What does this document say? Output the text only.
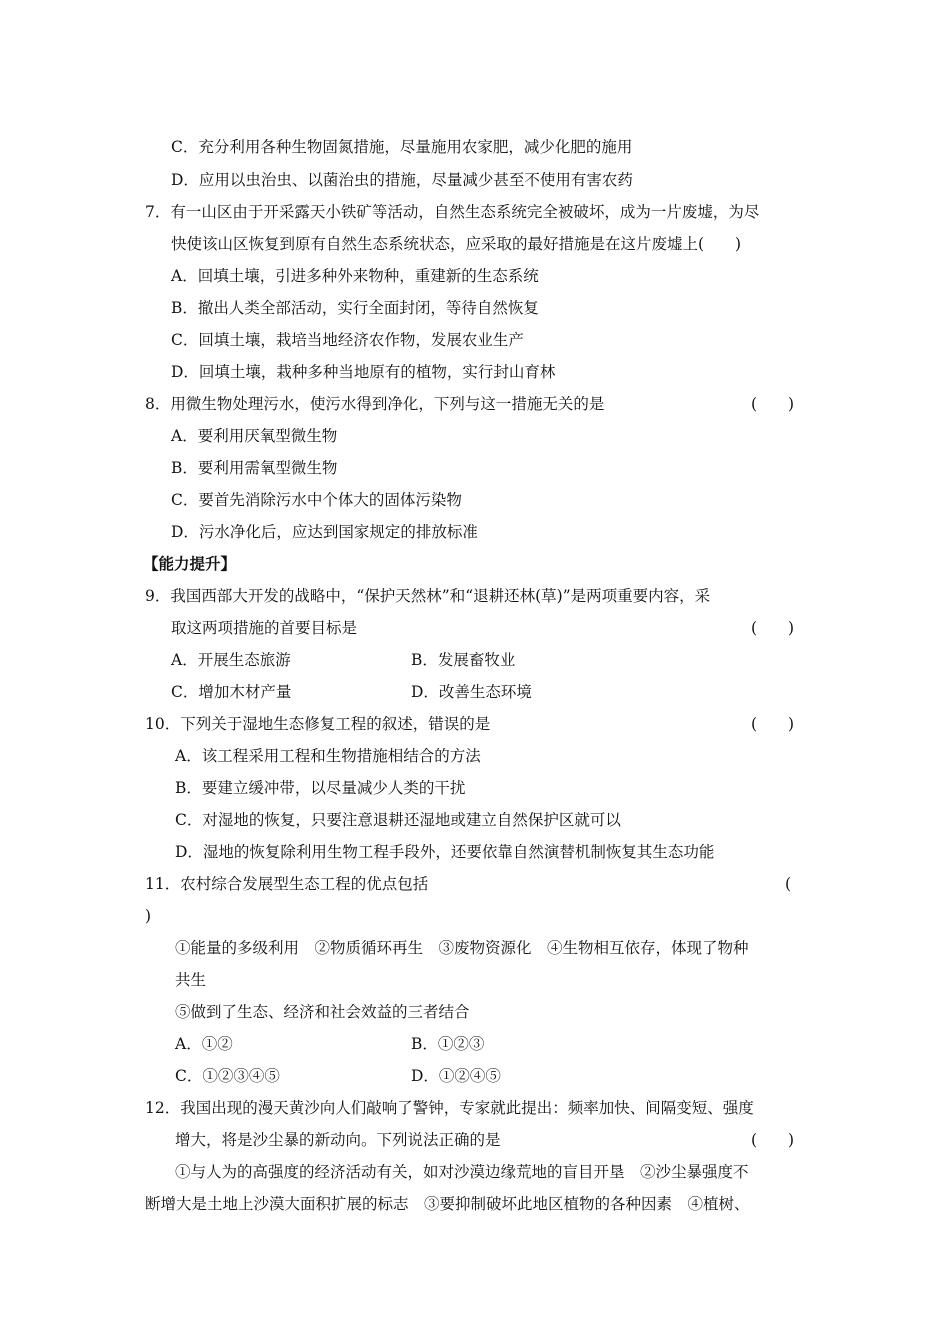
C．充分利用各种生物固氮措施，尽量施用农家肥，减少化肥的施用
D．应用以虫治虫、以菌治虫的措施，尽量减少甚至不使用有害农药
7．有一山区由于开采露天小铁矿等活动，自然生态系统完全被破坏，成为一片废墟，为尽
快使该山区恢复到原有自然生态系统状态，应采取的最好措施是在这片废墟上(　　)
A．回填土壤，引进多种外来物种，重建新的生态系统
B．撤出人类全部活动，实行全面封闭，等待自然恢复
C．回填土壤，栽培当地经济农作物，发展农业生产
D．回填土壤，栽种多种当地原有的植物，实行封山育林
8．用微生物处理污水，使污水得到净化，下列与这一措施无关的是	(　　)
A．要利用厌氧型微生物
B．要利用需氧型微生物
C．要首先消除污水中个体大的固体污染物
D．污水净化后，应达到国家规定的排放标准
【能力提升】
9．我国西部大开发的战略中，“保护天然林”和“退耕还林(草)”是两项重要内容，采
取这两项措施的首要目标是	(　　)
A．开展生态旅游	B．发展畜牧业
C．增加木材产量	D．改善生态环境
10．下列关于湿地生态修复工程的叙述，错误的是	(　　)
A．该工程采用工程和生物措施相结合的方法
B．要建立缓冲带，以尽量减少人类的干扰
C．对湿地的恢复，只要注意退耕还湿地或建立自然保护区就可以
D．湿地的恢复除利用生物工程手段外，还要依靠自然演替机制恢复其生态功能
11．农村综合发展型生态工程的优点包括	(
)
①能量的多级利用　②物质循环再生　③废物资源化　④生物相互依存，体现了物种
共生
⑤做到了生态、经济和社会效益的三者结合
A．①②	B．①②③
C．①②③④⑤	D．①②④⑤
12．我国出现的漫天黄沙向人们敲响了警钟，专家就此提出：频率加快、间隔变短、强度
增大，将是沙尘暴的新动向。下列说法正确的是	(　　)
①与人为的高强度的经济活动有关，如对沙漠边缘荒地的盲目开垦　②沙尘暴强度不
断增大是土地上沙漠大面积扩展的标志　③要抑制破坏此地区植物的各种因素　④植树、
